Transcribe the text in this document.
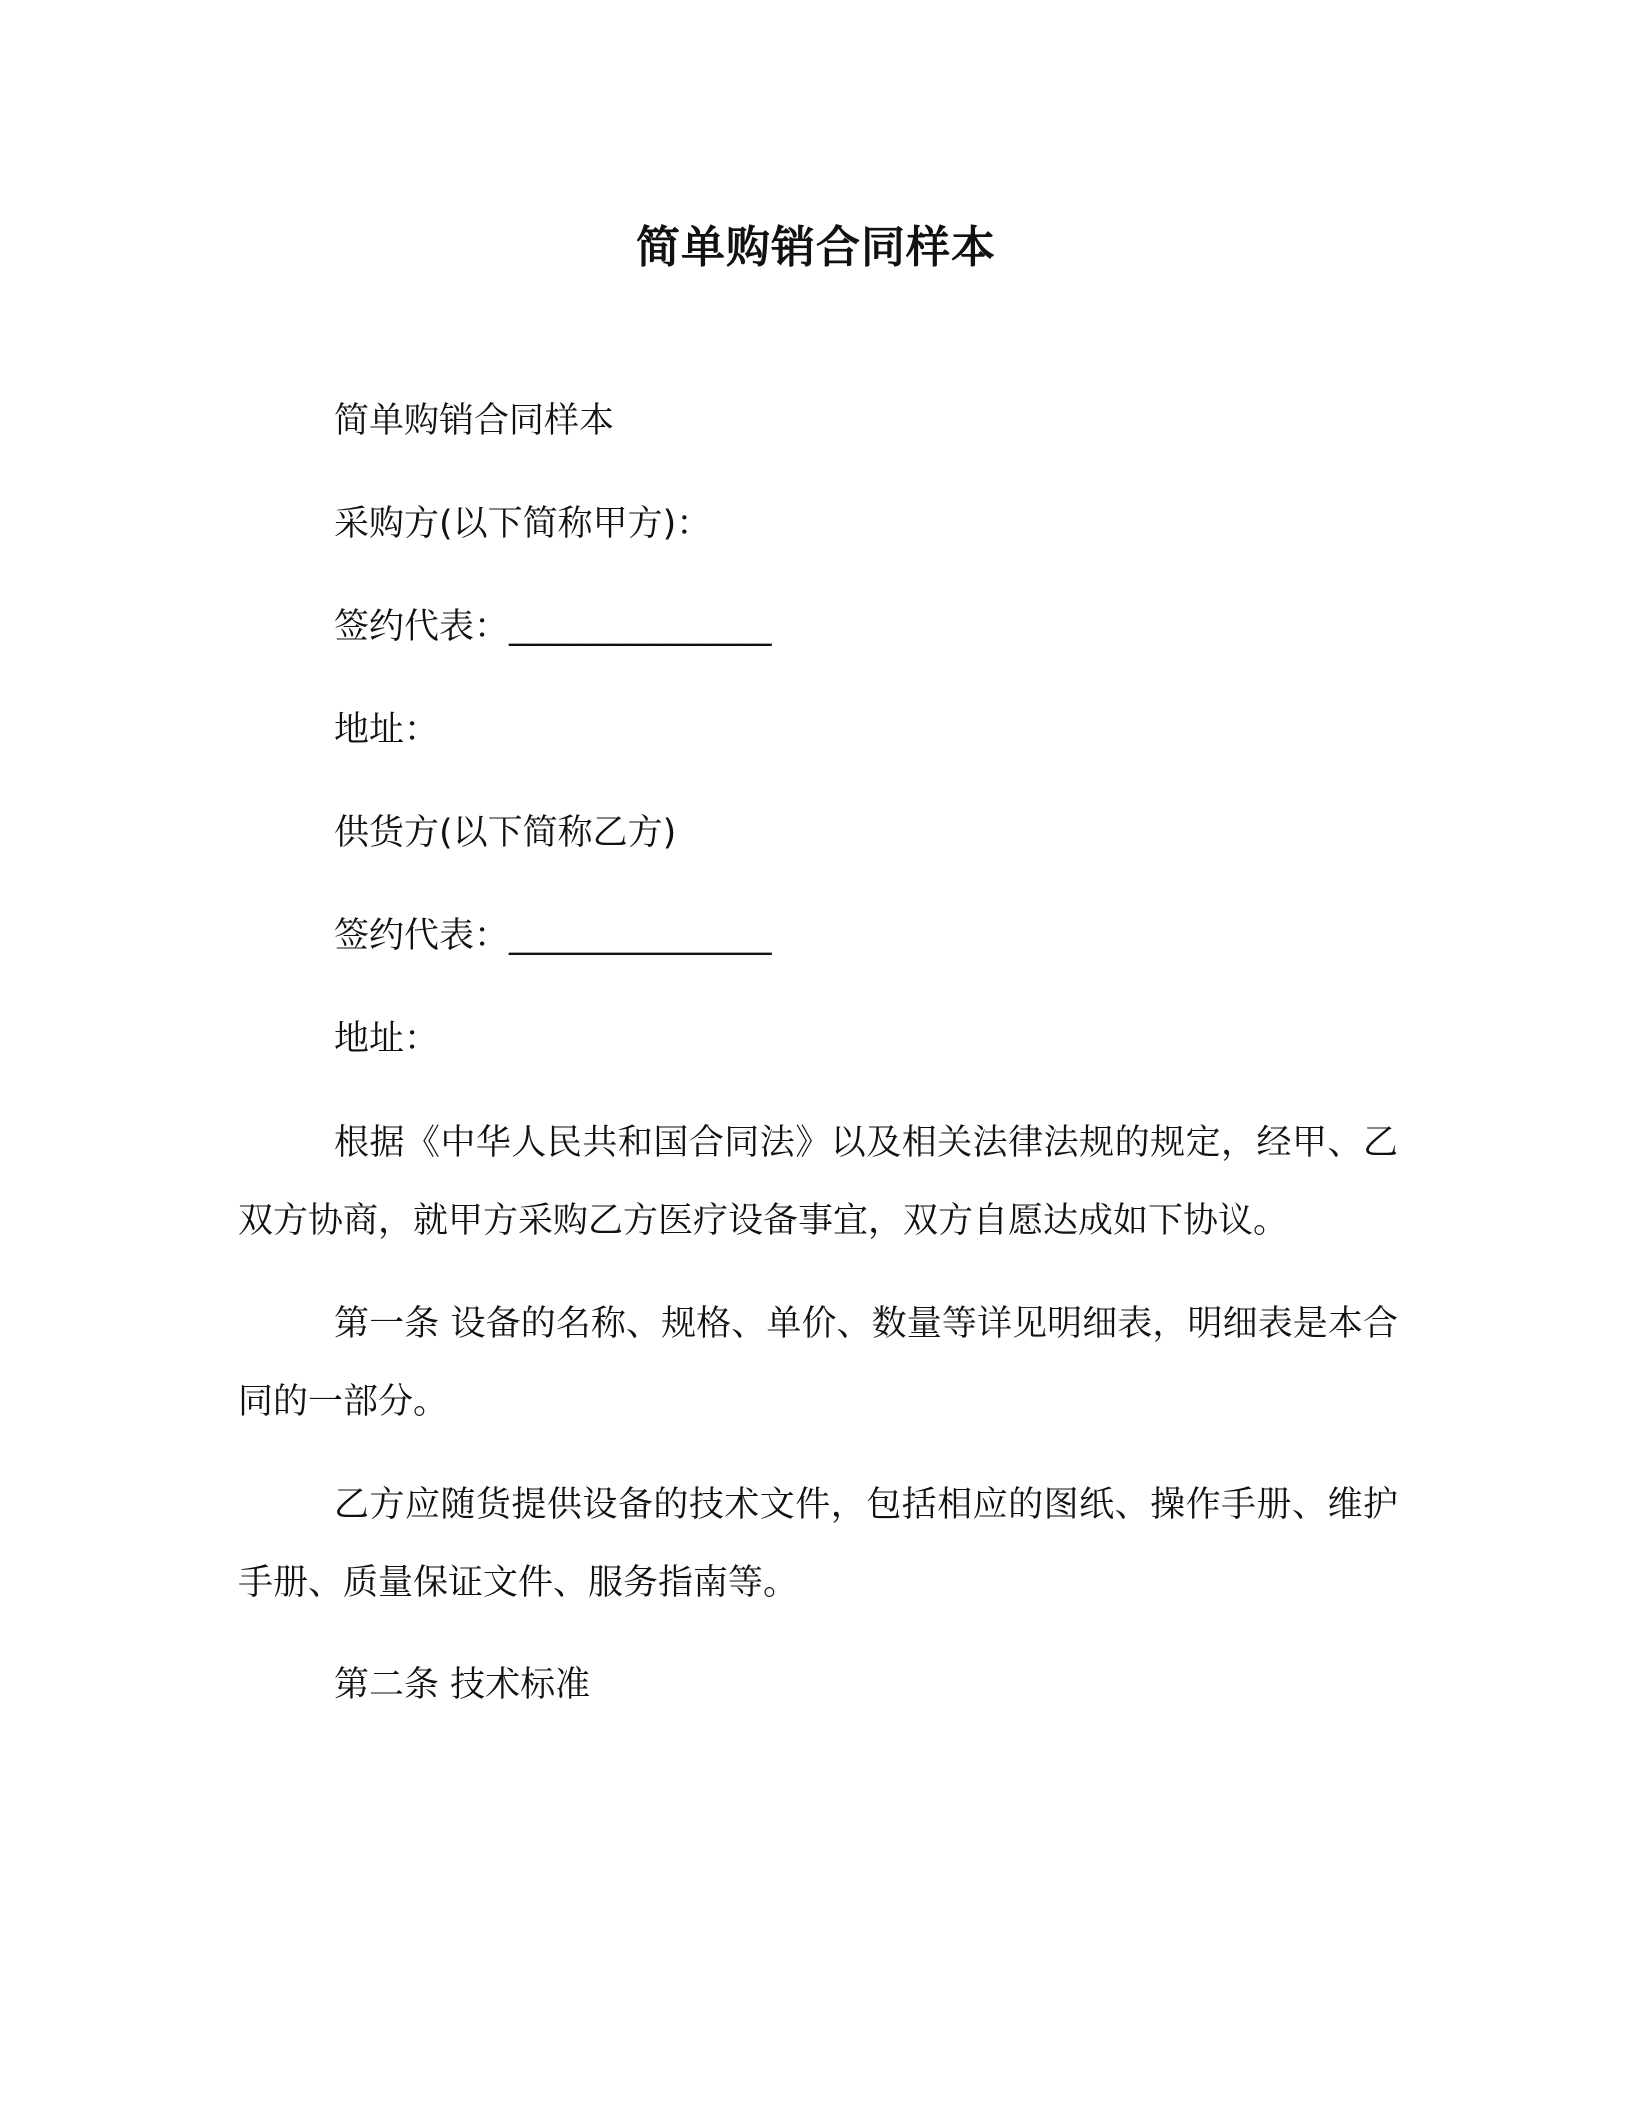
简单购销合同样本
简单购销合同样本
采购方(以下简称甲方)：
签约代表：_______________
地址：
供货方(以下简称乙方)
签约代表：_______________
地址：
根据《中华人民共和国合同法》以及相关法律法规的规定，经甲、乙双方协商，就甲方采购乙方医疗设备事宜，双方自愿达成如下协议。
第一条 设备的名称、规格、单价、数量等详见明细表，明细表是本合同的一部分。
乙方应随货提供设备的技术文件，包括相应的图纸、操作手册、维护手册、质量保证文件、服务指南等。
第二条 技术标准
